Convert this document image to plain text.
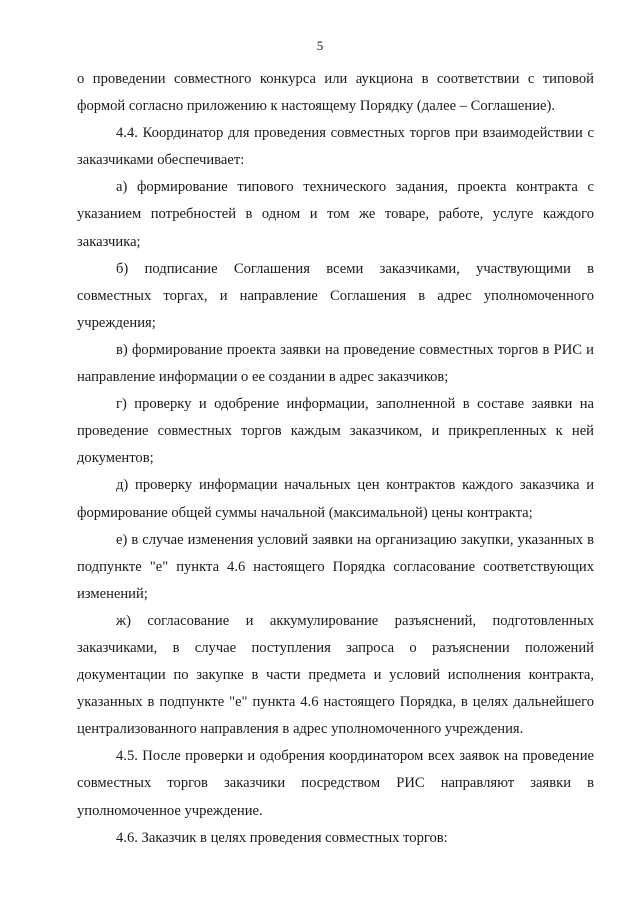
5

о проведении совместного конкурса или аукциона в соответствии с типовой формой согласно приложению к настоящему Порядку (далее – Соглашение).

4.4. Координатор для проведения совместных торгов при взаимодействии с заказчиками обеспечивает:

а) формирование типового технического задания, проекта контракта с указанием потребностей в одном и том же товаре, работе, услуге каждого заказчика;

б) подписание Соглашения всеми заказчиками, участвующими в совместных торгах, и направление Соглашения в адрес уполномоченного учреждения;

в) формирование проекта заявки на проведение совместных торгов в РИС и направление информации о ее создании в адрес заказчиков;

г) проверку и одобрение информации, заполненной в составе заявки на проведение совместных торгов каждым заказчиком, и прикрепленных к ней документов;

д) проверку информации начальных цен контрактов каждого заказчика и формирование общей суммы начальной (максимальной) цены контракта;

е) в случае изменения условий заявки на организацию закупки, указанных в подпункте "е" пункта 4.6 настоящего Порядка согласование соответствующих изменений;

ж) согласование и аккумулирование разъяснений, подготовленных заказчиками, в случае поступления запроса о разъяснении положений документации по закупке в части предмета и условий исполнения контракта, указанных в подпункте "е" пункта 4.6 настоящего Порядка, в целях дальнейшего централизованного направления в адрес уполномоченного учреждения.

4.5. После проверки и одобрения координатором всех заявок на проведение совместных торгов заказчики посредством РИС направляют заявки в уполномоченное учреждение.

4.6. Заказчик в целях проведения совместных торгов:
